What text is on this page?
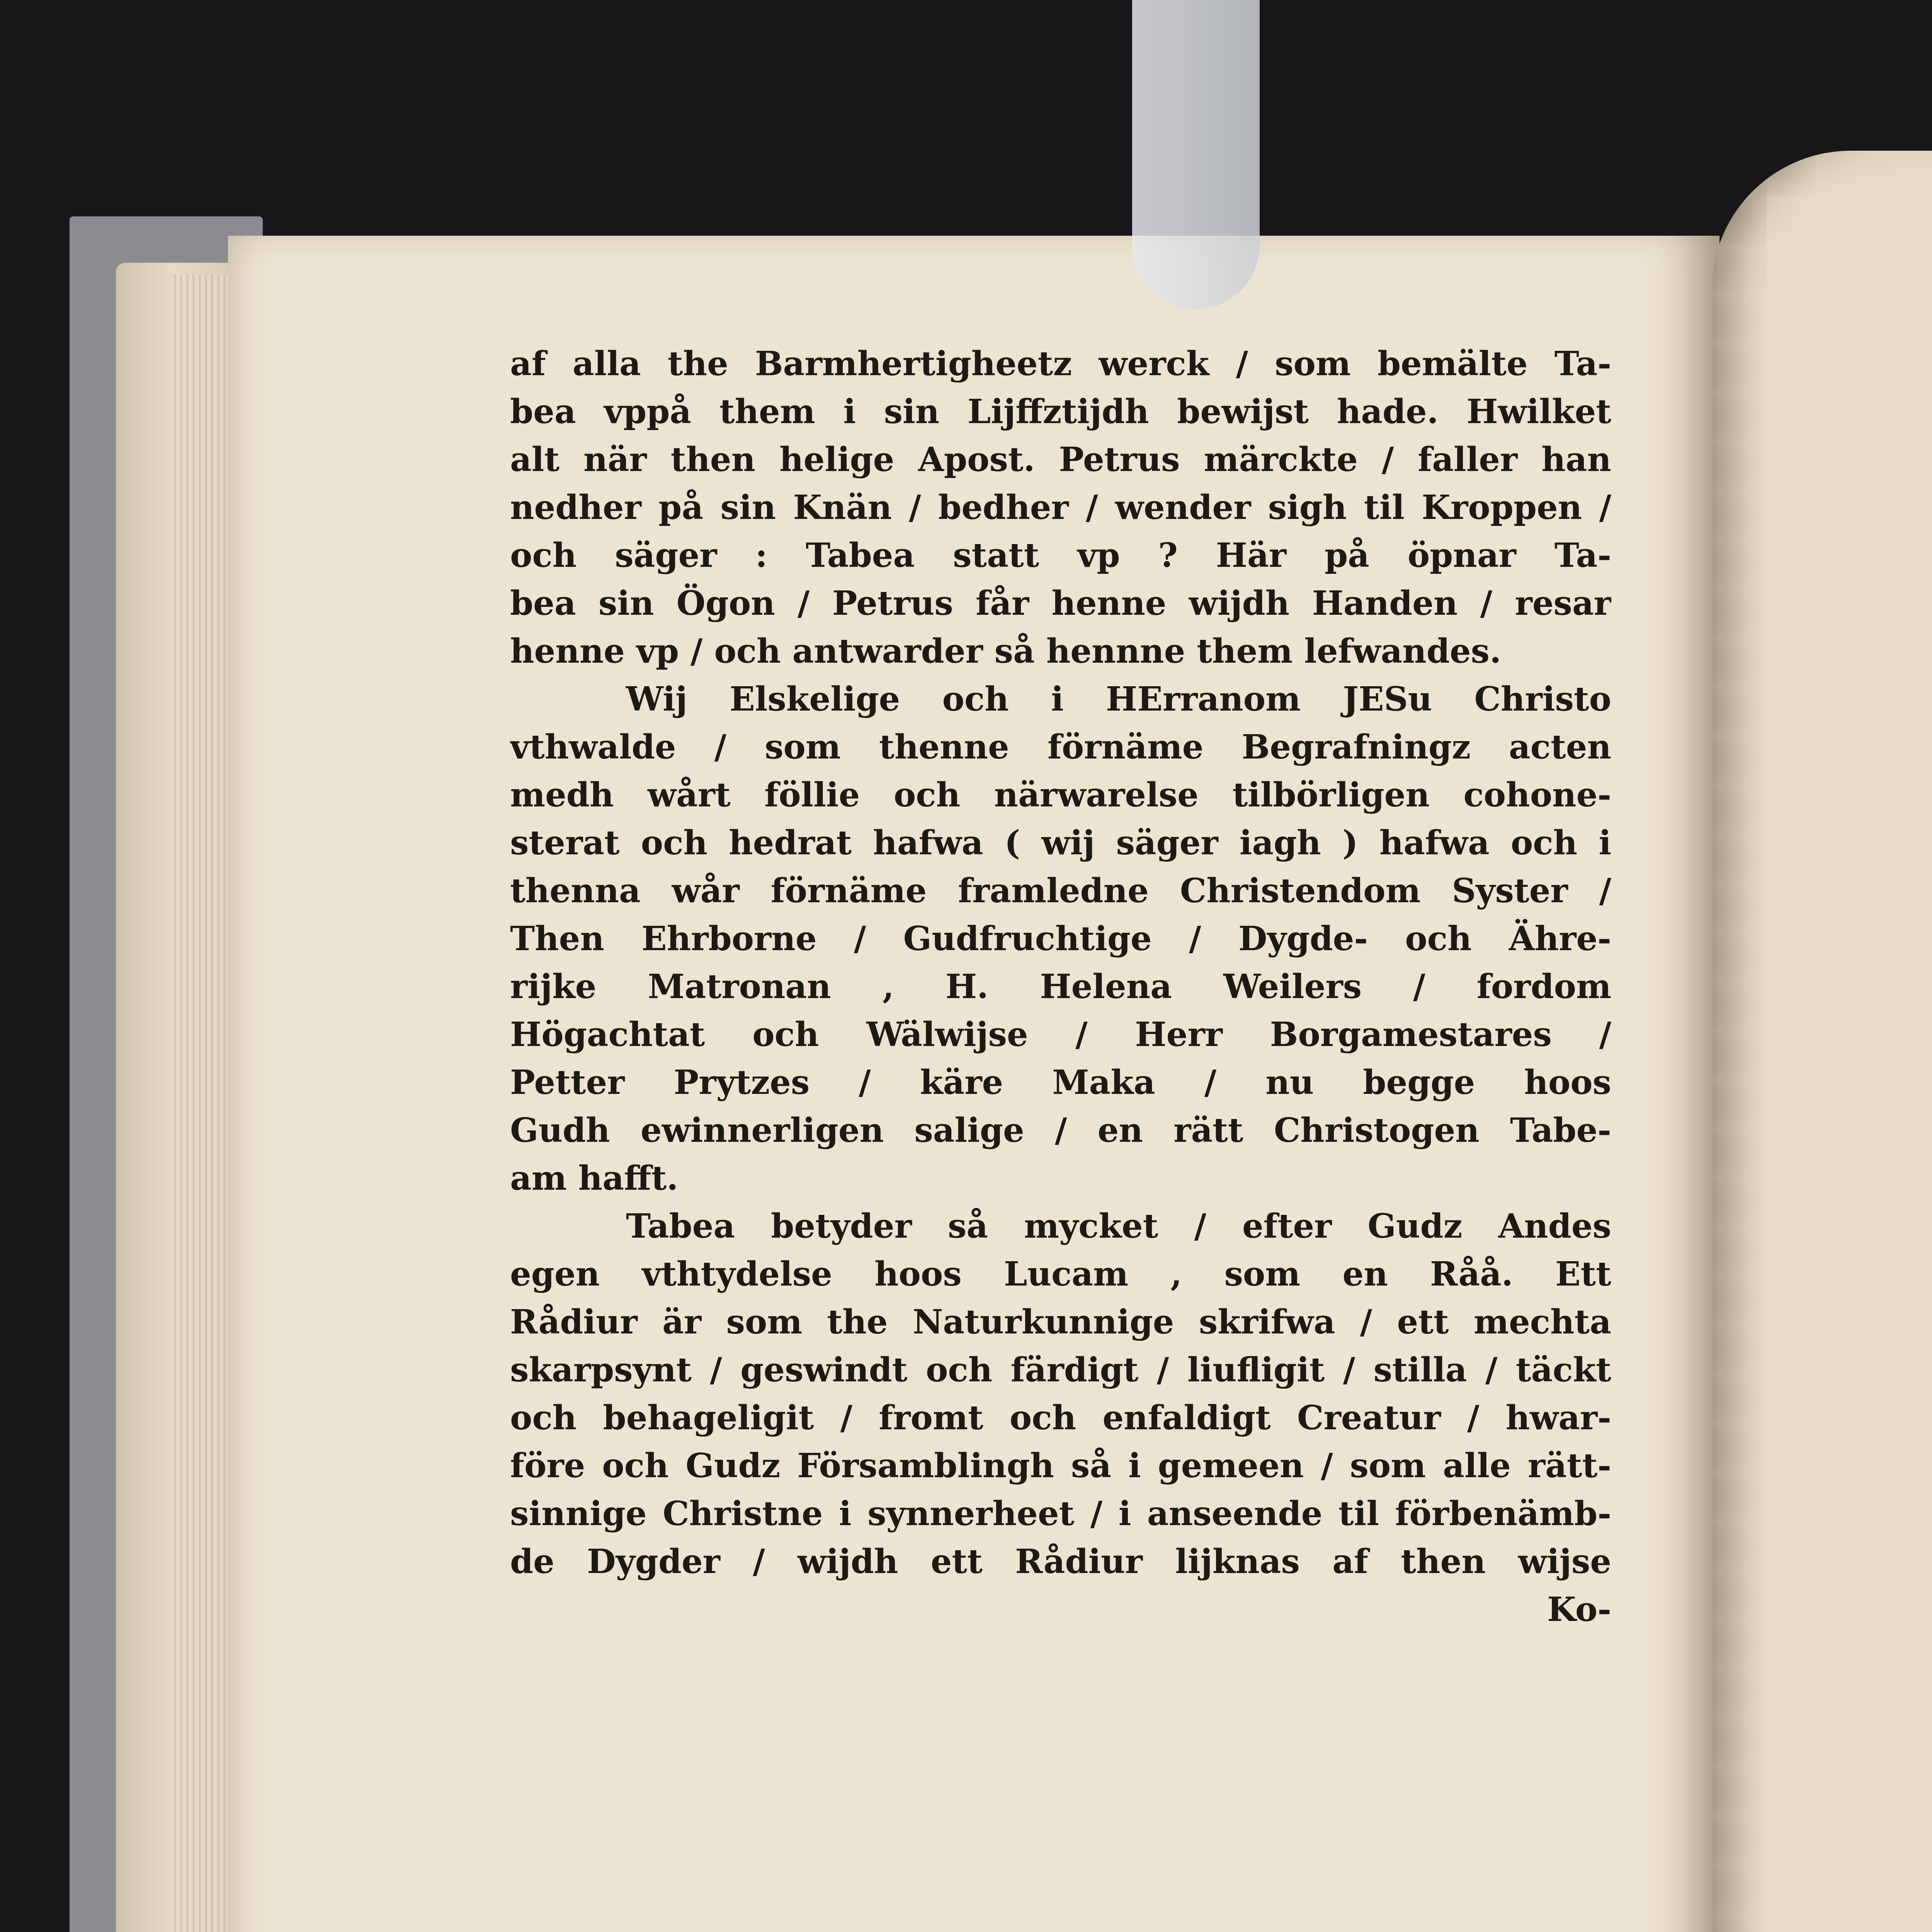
af alla the Barmhertigheetz werck / som bemälte Ta-
bea vppå them i sin Lijffztijdh bewijst hade. Hwilket
alt när then helige Apost. Petrus märckte / faller han
nedher på sin Knän / bedher / wender sigh til Kroppen /
och säger : Tabea statt vp ? Här på öpnar Ta-
bea sin Ögon / Petrus får henne wijdh Handen / resar
henne vp / och antwarder så hennne them lefwandes.
Wij Elskelige och i HErranom JESu Christo
vthwalde / som thenne förnäme Begrafningz acten
medh wårt föllie och närwarelse tilbörligen cohone-
sterat och hedrat hafwa ( wij säger iagh ) hafwa och i
thenna wår förnäme framledne Christendom Syster /
Then Ehrborne / Gudfruchtige / Dygde- och Ähre-
rijke Matronan , H. Helena Weilers / fordom
Högachtat och Wälwijse / Herr Borgamestares /
Petter Prytzes / käre Maka / nu begge hoos
Gudh ewinnerligen salige / en rätt Christogen Tabe-
am hafft.
Tabea betyder så mycket / efter Gudz Andes
egen vthtydelse hoos Lucam , som en Råå. Ett
Rådiur är som the Naturkunnige skrifwa / ett mechta
skarpsynt / geswindt och färdigt / liufligit / stilla / täckt
och behageligit / fromt och enfaldigt Creatur / hwar-
före och Gudz Församblingh så i gemeen / som alle rätt-
sinnige Christne i synnerheet / i anseende til förbenämb-
de Dygder / wijdh ett Rådiur lijknas af then wijse
Ko-
